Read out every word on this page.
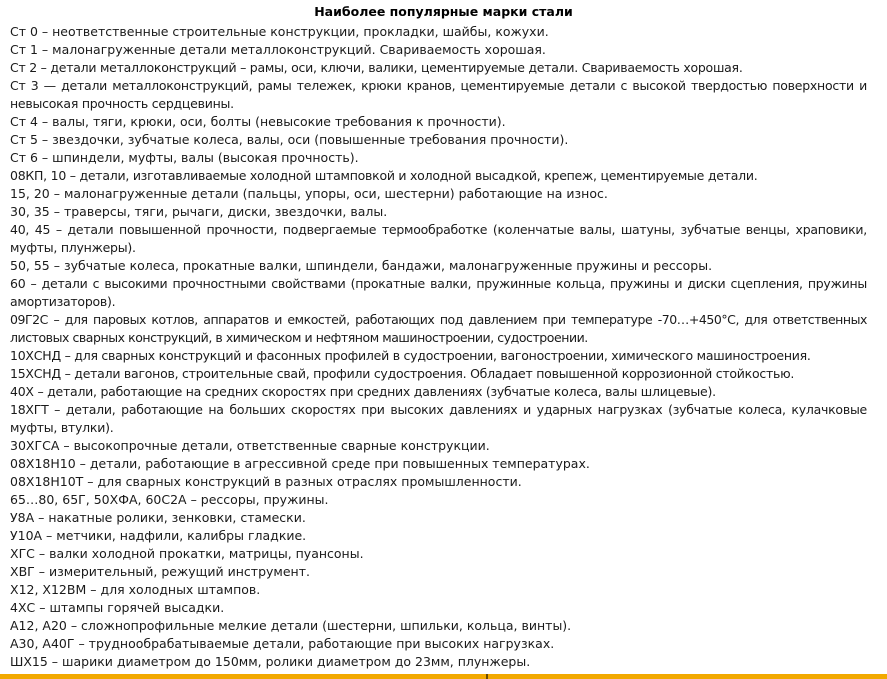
Наиболее популярные марки стали
Ст 0 – неответственные строительные конструкции, прокладки, шайбы, кожухи.
Ст 1 – малонагруженные детали металлоконструкций. Свариваемость хорошая.
Ст 2 – детали металлоконструкций – рамы, оси, ключи, валики, цементируемые детали. Свариваемость хорошая.
Ст 3 — детали металлоконструкций, рамы тележек, крюки кранов, цементируемые детали с высокой твердостью поверхности и невысокая прочность сердцевины.
Ст 4 – валы, тяги, крюки, оси, болты (невысокие требования к прочности).
Ст 5 – звездочки, зубчатые колеса, валы, оси (повышенные требования прочности).
Ст 6 – шпиндели, муфты, валы (высокая прочность).
08КП, 10 – детали, изготавливаемые холодной штамповкой и холодной высадкой, крепеж, цементируемые детали.
15, 20 – малонагруженные детали (пальцы, упоры, оси, шестерни) работающие на износ.
30, 35 – траверсы, тяги, рычаги, диски, звездочки, валы.
40, 45 – детали повышенной прочности, подвергаемые термообработке (коленчатые валы, шатуны, зубчатые венцы, храповики, муфты, плунжеры).
50, 55 – зубчатые колеса, прокатные валки, шпиндели, бандажи, малонагруженные пружины и рессоры.
60 – детали с высокими прочностными свойствами (прокатные валки, пружинные кольца, пружины и диски сцепления, пружины амортизаторов).
09Г2С – для паровых котлов, аппаратов и емкостей, работающих под давлением при температуре -70…+450°C, для ответственных листовых сварных конструкций, в химическом и нефтяном машиностроении, судостроении.
10ХСНД – для сварных конструкций и фасонных профилей в судостроении, вагоностроении, химического машиностроения.
15ХСНД – детали вагонов, строительные свай, профили судостроения. Обладает повышенной коррозионной стойкостью.
40Х – детали, работающие на средних скоростях при средних давлениях (зубчатые колеса, валы шлицевые).
18ХГТ – детали, работающие на больших скоростях при высоких давлениях и ударных нагрузках (зубчатые колеса, кулачковые муфты, втулки).
30ХГСА – высокопрочные детали, ответственные сварные конструкции.
08Х18Н10 – детали, работающие в агрессивной среде при повышенных температурах.
08Х18Н10Т – для сварных конструкций в разных отраслях промышленности.
65…80, 65Г, 50ХФА, 60С2А – рессоры, пружины.
У8А – накатные ролики, зенковки, стамески.
У10А – метчики, надфили, калибры гладкие.
ХГС – валки холодной прокатки, матрицы, пуансоны.
ХВГ – измерительный, режущий инструмент.
Х12, Х12ВМ – для холодных штампов.
4ХС – штампы горячей высадки.
А12, А20 – сложнопрофильные мелкие детали (шестерни, шпильки, кольца, винты).
А30, А40Г – труднообрабатываемые детали, работающие при высоких нагрузках.
ШХ15 – шарики диаметром до 150мм, ролики диаметром до 23мм, плунжеры.
